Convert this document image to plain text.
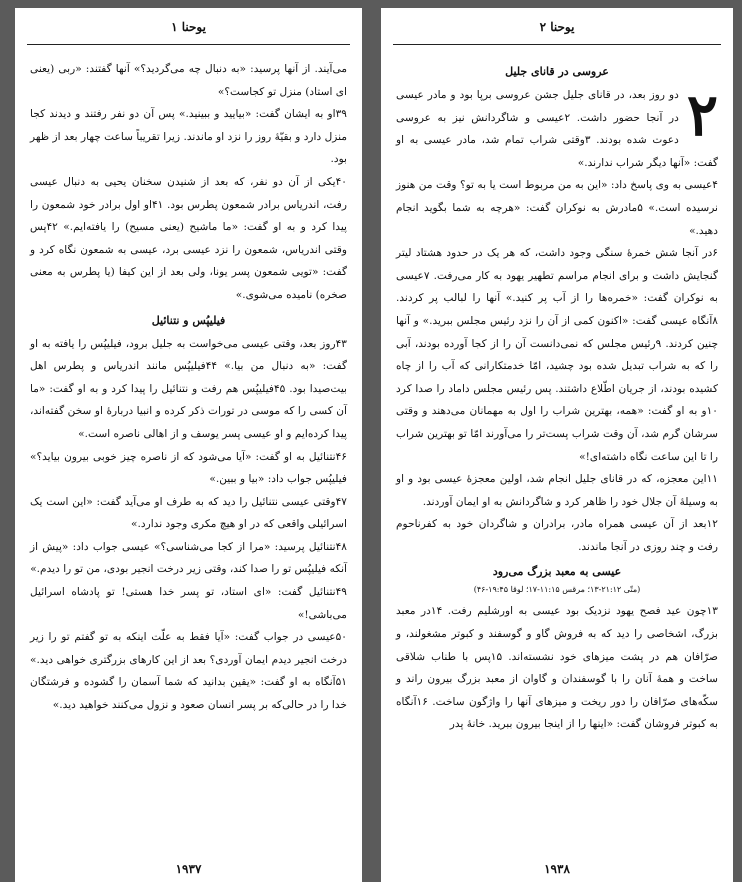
یوحنا ۱

می‌آیند. از آنها پرسید: «به دنبال چه می‌گردید؟» آنها گفتند: «ربی (یعنی ای استاد) منزل تو کجاست؟»

۳۹او به ایشان گفت: «بیایید و ببینید.» پس آن دو نفر رفتند و دیدند کجا منزل دارد و بقیّهٔ روز را نزد او ماندند. زیرا تقریباً ساعت چهار بعد از ظهر بود.

۴۰یکی از آن دو نفر، که بعد از شنیدن سخنان یحیی به دنبال عیسی رفت، اندریاس برادر شمعون پطرس بود. ۴۱او اول برادر خود شمعون را پیدا کرد و به او گفت: «ما ماشیح (یعنی مسیح) را یافته‌ایم.» ۴۲پس وقتی اندریاس، شمعون را نزد عیسی برد، عیسی به شمعون نگاه کرد و گفت: «تویی شمعون پسر یونا، ولی بعد از این کیفا (یا پطرس به معنی صخره) نامیده می‌شوی.»

فیلیپُس و نتنائیل

۴۳روز بعد، وقتی عیسی می‌خواست به جلیل برود، فیلیپُس را یافته به او گفت: «به دنبال من بیا.» ۴۴فیلیپُس مانند اندریاس و پطرس اهل بیت‌صیدا بود. ۴۵فیلیپُس هم رفت و نتنائیل را پیدا کرد و به او گفت: «ما آن کسی را که موسی در تورات ذکر کرده و انبیا دربارهٔ او سخن گفته‌اند، پیدا کرده‌ایم و او عیسی پسر یوسف و از اهالی ناصره است.»

۴۶نتنائیل به او گفت: «آیا می‌شود که از ناصره چیز خوبی بیرون بیاید؟» فیلیپُس جواب داد: «بیا و ببین.»

۴۷وقتی عیسی نتنائیل را دید که به طرف او می‌آید گفت: «این است یک اسرائیلی واقعی که در او هیچ مکری وجود ندارد.»

۴۸نتنائیل پرسید: «مرا از کجا می‌شناسی؟» عیسی جواب داد: «پیش از آنکه فیلیپُس تو را صدا کند، وقتی زیر درخت انجیر بودی، من تو را دیدم.»

۴۹نتنائیل گفت: «ای استاد، تو پسر خدا هستی! تو پادشاه اسرائیل می‌باشی!»

۵۰عیسی در جواب گفت: «آیا فقط به علّت اینکه به تو گفتم تو را زیر درخت انجیر دیدم ایمان آوردی؟ بعد از این کارهای بزرگتری خواهی دید.» ۵۱آنگاه به او گفت: «یقین بدانید که شما آسمان را گشوده و فرشتگان خدا را در حالی‌که بر پسر انسان صعود و نزول می‌کنند خواهید دید.»

۱۹۳۷
یوحنا ۲
عروسی در قانای جلیل
۲

دو روز بعد، در قانای جلیل جشن عروسی برپا بود و مادر عیسی در آنجا حضور داشت. ۲عیسی و شاگردانش نیز به عروسی دعوت شده بودند. ۳وقتی شراب تمام شد، مادر عیسی به او گفت: «آنها دیگر شراب ندارند.»

۴عیسی به وی پاسخ داد: «این به من مربوط است یا به تو؟ وقت من هنوز نرسیده است.» ۵مادرش به نوکران گفت: «هرچه به شما بگوید انجام دهید.»

۶در آنجا شش خمرهٔ سنگی وجود داشت، که هر یک در حدود هشتاد لیتر گنجایش داشت و برای انجام مراسم تطهیر یهود به کار می‌رفت. ۷عیسی به نوکران گفت: «خمره‌ها را از آب پر کنید.» آنها را لبالب پر کردند. ۸آنگاه عیسی گفت: «اکنون کمی از آن را نزد رئیس مجلس ببرید.» و آنها چنین کردند. ۹رئیس مجلس که نمی‌دانست آن را از کجا آورده بودند، آبی را که به شراب تبدیل شده بود چشید، امّا خدمتکارانی که آب را از چاه کشیده بودند، از جریان اطّلاع داشتند. پس رئیس مجلس داماد را صدا کرد ۱۰و به او گفت: «همه، بهترین شراب را اول به مهمانان می‌دهند و وقتی سرشان گرم شد، آن وقت شراب پست‌تر را می‌آورند امّا تو بهترین شراب را تا این ساعت نگاه داشته‌ای!»

۱۱این معجزه، که در قانای جلیل انجام شد، اولین معجزهٔ عیسی بود و او به وسیلهٔ آن جلال خود را ظاهر کرد و شاگردانش به او ایمان آوردند.

۱۲بعد از آن عیسی همراه مادر، برادران و شاگردان خود به کفرناحوم رفت و چند روزی در آنجا ماندند.

عیسی به معبد بزرگ می‌رود
(متّی ۲۱:۱۲-۱۳؛ مرقس ۱۱:۱۵-۱۷؛ لوقا ۱۹:۴۵-۴۶)

۱۳چون عید فصح یهود نزدیک بود عیسی به اورشلیم رفت. ۱۴در معبد بزرگ، اشخاصی را دید که به فروش گاو و گوسفند و کبوتر مشغولند، و صرّافان هم در پشت میزهای خود نشسته‌اند. ۱۵پس با طناب شلاقی ساخت و همهٔ آنان را با گوسفندان و گاوان از معبد بزرگ بیرون راند و سکّه‌های صرّافان را دور ریخت و میزهای آنها را واژگون ساخت. ۱۶آنگاه به کبوتر فروشان گفت: «اینها را از اینجا بیرون ببرید. خانهٔ پدر

۱۹۳۸
